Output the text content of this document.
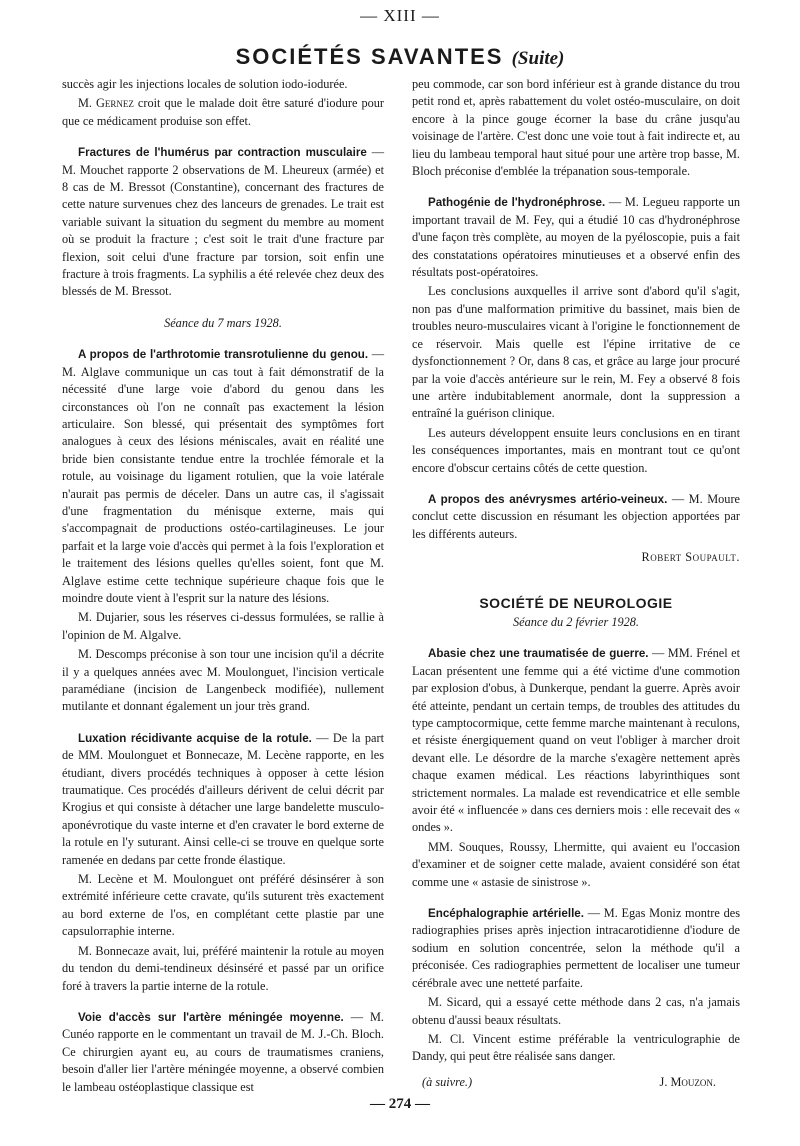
— XIII —
SOCIÉTÉS SAVANTES (Suite)

succès agir les injections locales de solution iodo-iodurée.

M. Gernez croit que le malade doit être saturé d'iodure pour que ce médicament produise son effet.

Fractures de l'humérus par contraction musculaire — M. Mouchet rapporte 2 observations de M. Lheureux (armée) et 8 cas de M. Bressot (Constantine), concernant des fractures de cette nature survenues chez des lanceurs de grenades. Le trait est variable suivant la situation du segment du membre au moment où se produit la fracture ; c'est soit le trait d'une fracture par flexion, soit celui d'une fracture par torsion, soit enfin une fracture à trois fragments. La syphilis a été relevée chez deux des blessés de M. Bressot.

Séance du 7 mars 1928.

A propos de l'arthrotomie transrotulienne du genou. — M. Alglave communique un cas tout à fait démonstratif de la nécessité d'une large voie d'abord du genou dans les circonstances où l'on ne connaît pas exactement la lésion articulaire. Son blessé, qui présentait des symptômes fort analogues à ceux des lésions méniscales, avait en réalité une bride bien consistante tendue entre la trochlée fémorale et la rotule, au voisinage du ligament rotulien, que la voie latérale n'aurait pas permis de déceler. Dans un autre cas, il s'agissait d'une fragmentation du ménisque externe, mais qui s'accompagnait de productions ostéo-cartilagineuses. Le jour parfait et la large voie d'accès qui permet à la fois l'exploration et le traitement des lésions quelles qu'elles soient, font que M. Alglave estime cette technique supérieure chaque fois que le moindre doute vient à l'esprit sur la nature des lésions.

M. Dujarier, sous les réserves ci-dessus formulées, se rallie à l'opinion de M. Algalve.

M. Descomps préconise à son tour une incision qu'il a décrite il y a quelques années avec M. Moulonguet, l'incision verticale paramédiane (incision de Langenbeck modifiée), nullement mutilante et donnant également un jour très grand.

Luxation récidivante acquise de la rotule. — De la part de MM. Moulonguet et Bonnecaze, M. Lecène rapporte, en les étudiant, divers procédés techniques à opposer à cette lésion traumatique. Ces procédés d'ailleurs dérivent de celui décrit par Krogius et qui consiste à détacher une large bandelette musculo-aponévrotique du vaste interne et d'en cravater le bord externe de la rotule en l'y suturant. Ainsi celle-ci se trouve en quelque sorte ramenée en dedans par cette fronde élastique.

M. Lecène et M. Moulonguet ont préféré désinsérer à son extrémité inférieure cette cravate, qu'ils suturent très exactement au bord externe de l'os, en complétant cette plastie par une capsulorraphie interne.

M. Bonnecaze avait, lui, préféré maintenir la rotule au moyen du tendon du demi-tendineux désinséré et passé par un orifice foré à travers la partie interne de la rotule.

Voie d'accès sur l'artère méningée moyenne. — M. Cunéo rapporte en le commentant un travail de M. J.-Ch. Bloch. Ce chirurgien ayant eu, au cours de traumatismes craniens, besoin d'aller lier l'artère méningée moyenne, a observé combien le lambeau ostéoplastique classique est

peu commode, car son bord inférieur est à grande distance du trou petit rond et, après rabattement du volet ostéo-musculaire, on doit encore à la pince gouge écorner la base du crâne jusqu'au voisinage de l'artère. C'est donc une voie tout à fait indirecte et, au lieu du lambeau temporal haut situé pour une artère trop basse, M. Bloch préconise d'emblée la trépanation sous-temporale.

Pathogénie de l'hydronéphrose. — M. Legueu rapporte un important travail de M. Fey, qui a étudié 10 cas d'hydronéphrose d'une façon très complète, au moyen de la pyéloscopie, puis a fait des constatations opératoires minutieuses et a observé enfin des résultats post-opératoires.

Les conclusions auxquelles il arrive sont d'abord qu'il s'agit, non pas d'une malformation primitive du bassinet, mais bien de troubles neuro-musculaires vicant à l'origine le fonctionnement de ce réservoir. Mais quelle est l'épine irritative de ce dysfonctionnement ? Or, dans 8 cas, et grâce au large jour procuré par la voie d'accès antérieure sur le rein, M. Fey a observé 8 fois une artère indubitablement anormale, dont la suppression a entraîné la guérison clinique.

Les auteurs développent ensuite leurs conclusions en en tirant les conséquences importantes, mais en montrant tout ce qu'ont encore d'obscur certains côtés de cette question.

A propos des anévrysmes artério-veineux. — M. Moure conclut cette discussion en résumant les objection apportées par les différents auteurs.

Robert Soupault.
SOCIÉTÉ DE NEUROLOGIE
Séance du 2 février 1928.

Abasie chez une traumatisée de guerre. — MM. Frénel et Lacan présentent une femme qui a été victime d'une commotion par explosion d'obus, à Dunkerque, pendant la guerre. Après avoir été atteinte, pendant un certain temps, de troubles des attitudes du type camptocormique, cette femme marche maintenant à reculons, et résiste énergiquement quand on veut l'obliger à marcher droit devant elle. Le désordre de la marche s'exagère nettement après chaque examen médical. Les réactions labyrinthiques sont strictement normales. La malade est revendicatrice et elle semble avoir été « influencée » dans ces derniers mois : elle recevait des « ondes ».

MM. Souques, Roussy, Lhermitte, qui avaient eu l'occasion d'examiner et de soigner cette malade, avaient considéré son état comme une « astasie de sinistrose ».

Encéphalographie artérielle. — M. Egas Moniz montre des radiographies prises après injection intracarotidienne d'iodure de sodium en solution concentrée, selon la méthode qu'il a préconisée. Ces radiographies permettent de localiser une tumeur cérébrale avec une netteté parfaite.

M. Sicard, qui a essayé cette méthode dans 2 cas, n'a jamais obtenu d'aussi beaux résultats.

M. Cl. Vincent estime préférable la ventriculographie de Dandy, qui peut être réalisée sans danger.

(à suivre.)	J. Mouzon.
— 274 —
